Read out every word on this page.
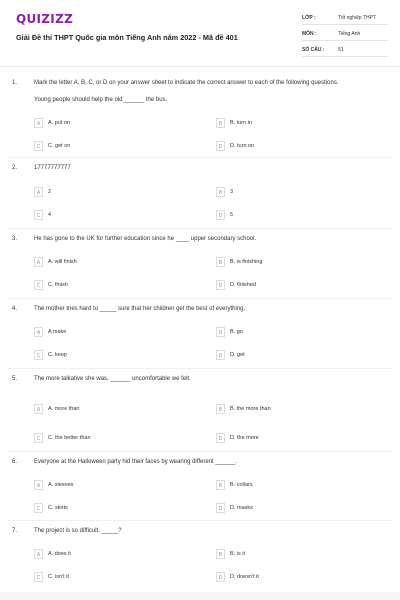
QUIZIZZ
Giải Đề thi THPT Quốc gia môn Tiếng Anh năm 2022 - Mã đề 401
LỚP :	Tốt nghiệp THPT
MÔN :	Tiếng Anh
SỐ CÂU :	51
1.	Mark the letter A, B, C, or D on your answer sheet to indicate the correct answer to each of the following questions.
Young people should help the old ______ the bus.
A	A. put on	B	B. turn in
C	C. get on	D	D. turn on
2.	17777777777
A	2	B	3
C	4	D	5
3.	He has gone to the UK for further education since he ____ upper secondary school.
A	A. will finish	B	B. is finishing
C	C. finish	D	D. finished
4.	The mother tries hard to _____ sure that her children get the best of everything.
A	A make	B	B. go
C	C. keep	D	D. get
5.	The more talkative she was, ______ uncomfortable we felt.
A	A. more than	B	B. the more than
C	C. the better than	D	D. the more
6.	Everyone at the Halloween party hid their faces by wearing different ______.
A	A. sleeves	B	B. collars
C	C. skirts	D	D. masks
7.	The project is so difficult, _____?
A	A. does it	B	B. is it
C	C. isn't it	D	D. doesn't it
